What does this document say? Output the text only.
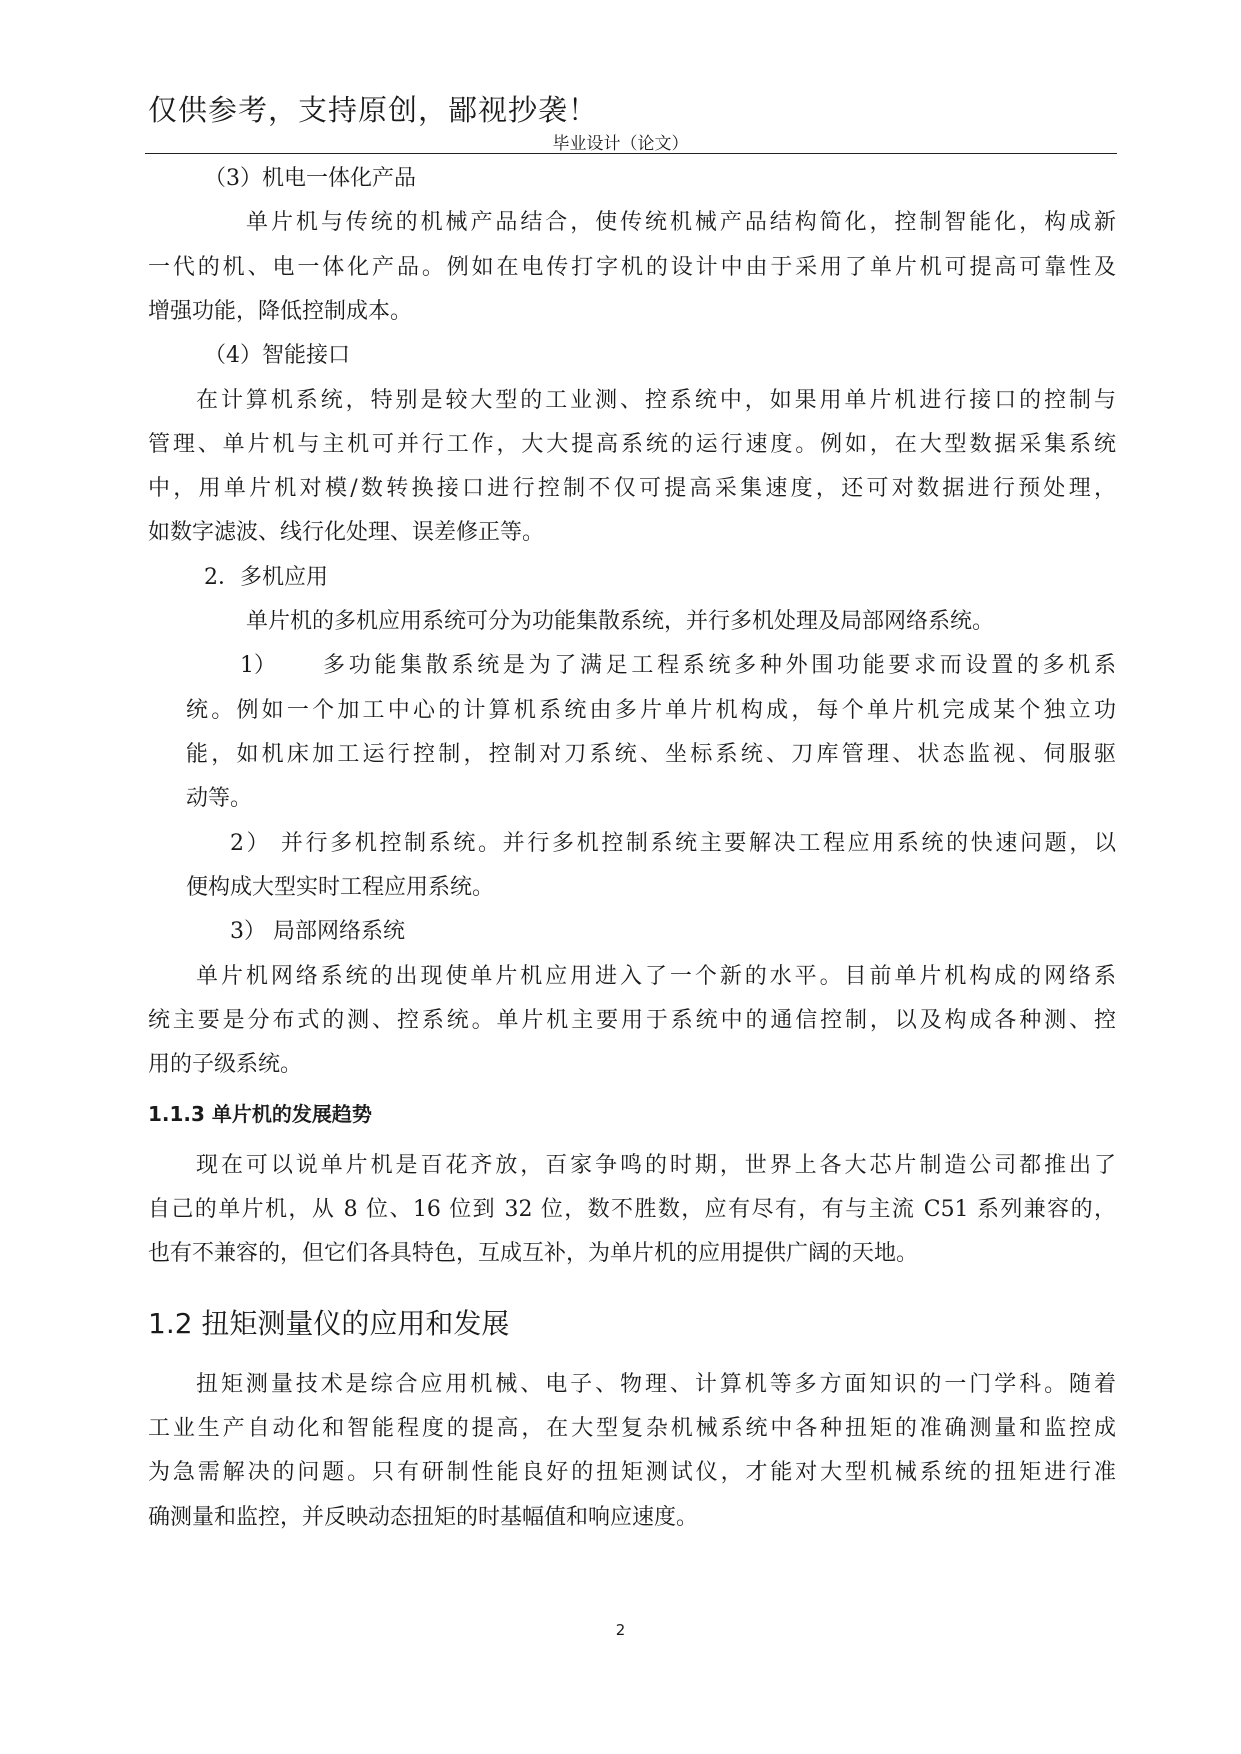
仅供参考，支持原创，鄙视抄袭！
毕业设计（论文）
（3）机电一体化产品
单片机与传统的机械产品结合，使传统机械产品结构简化，控制智能化，构成新
一代的机、电一体化产品。例如在电传打字机的设计中由于采用了单片机可提高可靠性及
增强功能，降低控制成本。
（4）智能接口
在计算机系统，特别是较大型的工业测、控系统中，如果用单片机进行接口的控制与
管理、单片机与主机可并行工作，大大提高系统的运行速度。例如，在大型数据采集系统
中，用单片机对模/数转换接口进行控制不仅可提高采集速度，还可对数据进行预处理，
如数字滤波、线行化处理、误差修正等。
2．多机应用
单片机的多机应用系统可分为功能集散系统，并行多机处理及局部网络系统。
1） 多功能集散系统是为了满足工程系统多种外围功能要求而设置的多机系
统。例如一个加工中心的计算机系统由多片单片机构成，每个单片机完成某个独立功
能，如机床加工运行控制，控制对刀系统、坐标系统、刀库管理、状态监视、伺服驱
动等。
2） 并行多机控制系统。并行多机控制系统主要解决工程应用系统的快速问题，以
便构成大型实时工程应用系统。
3） 局部网络系统
单片机网络系统的出现使单片机应用进入了一个新的水平。目前单片机构成的网络系
统主要是分布式的测、控系统。单片机主要用于系统中的通信控制，以及构成各种测、控
用的子级系统。
1.1.3 单片机的发展趋势
现在可以说单片机是百花齐放，百家争鸣的时期，世界上各大芯片制造公司都推出了
自己的单片机，从 8 位、16 位到 32 位，数不胜数，应有尽有，有与主流 C51 系列兼容的，
也有不兼容的，但它们各具特色，互成互补，为单片机的应用提供广阔的天地。
1.2 扭矩测量仪的应用和发展
扭矩测量技术是综合应用机械、电子、物理、计算机等多方面知识的一门学科。随着
工业生产自动化和智能程度的提高，在大型复杂机械系统中各种扭矩的准确测量和监控成
为急需解决的问题。只有研制性能良好的扭矩测试仪，才能对大型机械系统的扭矩进行准
确测量和监控，并反映动态扭矩的时基幅值和响应速度。
2
